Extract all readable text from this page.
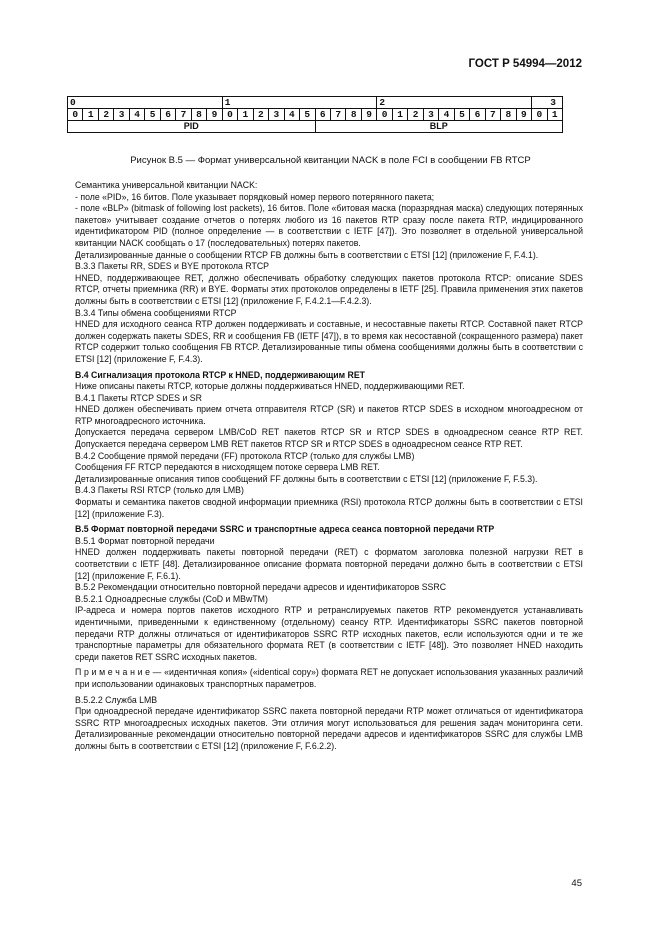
ГОСТ Р 54994—2012
0										1										2										3	
0	1	2	3	4	5	6	7	8	9	0	1	2	3	4	5	6	7	8	9	0	1	2	3	4	5	6	7	8	9	0	1
PID																BLP															
Рисунок В.5 — Формат универсальной квитанции NACK в поле FCI в сообщении FB RTCP

Семантика универсальной квитанции NACK:

- поле «PID», 16 битов. Поле указывает порядковый номер первого потерянного пакета;

- поле «BLP» (bitmask of following lost packets), 16 битов. Поле «битовая маска (поразрядная маска) следующих потерянных пакетов» учитывает создание отчетов о потерях любого из 16 пакетов RTP сразу после пакета RTP, индицированного идентификатором PID (полное определение — в соответствии с IETF [47]). Это позволяет в отдельной универсальной квитанции NACK сообщать о 17 (последовательных) потерях пакетов.

Детализированные данные о сообщении RTCP FB должны быть в соответствии с ETSI [12] (приложение F, F.4.1).

В.3.3 Пакеты RR, SDES и BYE протокола RTCP

HNED, поддерживающее RET, должно обеспечивать обработку следующих пакетов протокола RTCP: описание SDES RTCP, отчеты приемника (RR) и BYE. Форматы этих протоколов определены в IETF [25]. Правила применения этих пакетов должны быть в соответствии с ETSI [12] (приложение F, F.4.2.1—F.4.2.3).

В.3.4 Типы обмена сообщениями RTCP

HNED для исходного сеанса RTP должен поддерживать и составные, и несоставные пакеты RTCP. Составной пакет RTCP должен содержать пакеты SDES, RR и сообщения FB (IETF [47]), в то время как несоставной (сокращенного размера) пакет RTCP содержит только сообщения FB RTCP. Детализированные типы обмена сообщениями должны быть в соответствии с ETSI [12] (приложение F, F.4.3).

В.4 Сигнализация протокола RTCP к HNED, поддерживающим RET

Ниже описаны пакеты RTCP, которые должны поддерживаться HNED, поддерживающими RET.

В.4.1 Пакеты RTCP SDES и SR

HNED должен обеспечивать прием отчета отправителя RTCP (SR) и пакетов RTCP SDES в исходном многоадресном от RTP многоадресного источника.

Допускается передача сервером LMB/CoD RET пакетов RTCP SR и RTCP SDES в одноадресном сеансе RTP RET. Допускается передача сервером LMB RET пакетов RTCP SR и RTCP SDES в одноадресном сеансе RTP RET.

В.4.2 Сообщение прямой передачи (FF) протокола RTCP (только для службы LMB)

Сообщения FF RTCP передаются в нисходящем потоке сервера LMB RET.

Детализированные описания типов сообщений FF должны быть в соответствии с ETSI [12] (приложение F, F.5.3).

В.4.3 Пакеты RSI RTCP (только для LMB)

Форматы и семантика пакетов сводной информации приемника (RSI) протокола RTCP должны быть в соответствии с ETSI [12] (приложение F.3).

В.5 Формат повторной передачи SSRC и транспортные адреса сеанса повторной передачи RTP

В.5.1 Формат повторной передачи

HNED должен поддерживать пакеты повторной передачи (RET) с форматом заголовка полезной нагрузки RET в соответствии с IETF [48]. Детализированное описание формата повторной передачи должно быть в соответствии с ETSI [12] (приложение F, F.6.1).

В.5.2 Рекомендации относительно повторной передачи адресов и идентификаторов SSRC

В.5.2.1 Одноадресные службы (CoD и MBwTM)

IP-адреса и номера портов пакетов исходного RTP и ретранслируемых пакетов RTP рекомендуется устанавливать идентичными, приведенными к единственному (отдельному) сеансу RTP. Идентификаторы SSRC пакетов повторной передачи RTP должны отличаться от идентификаторов SSRC RTP исходных пакетов, если используются одни и те же транспортные параметры для обязательного формата RET (в соответствии с IETF [48]). Это позволяет HNED находить среди пакетов RET SSRC исходных пакетов.

П р и м е ч а н и е — «идентичная копия» («identical copy») формата RET не допускает использования указанных различий при использовании одинаковых транспортных параметров.

В.5.2.2 Служба LMB

При одноадресной передаче идентификатор SSRC пакета повторной передачи RTP может отличаться от идентификатора SSRC RTP многоадресных исходных пакетов. Эти отличия могут использоваться для решения задач мониторинга сети. Детализированные рекомендации относительно повторной передачи адресов и идентификаторов SSRC для службы LMB должны быть в соответствии с ETSI [12] (приложение F, F.6.2.2).

45
